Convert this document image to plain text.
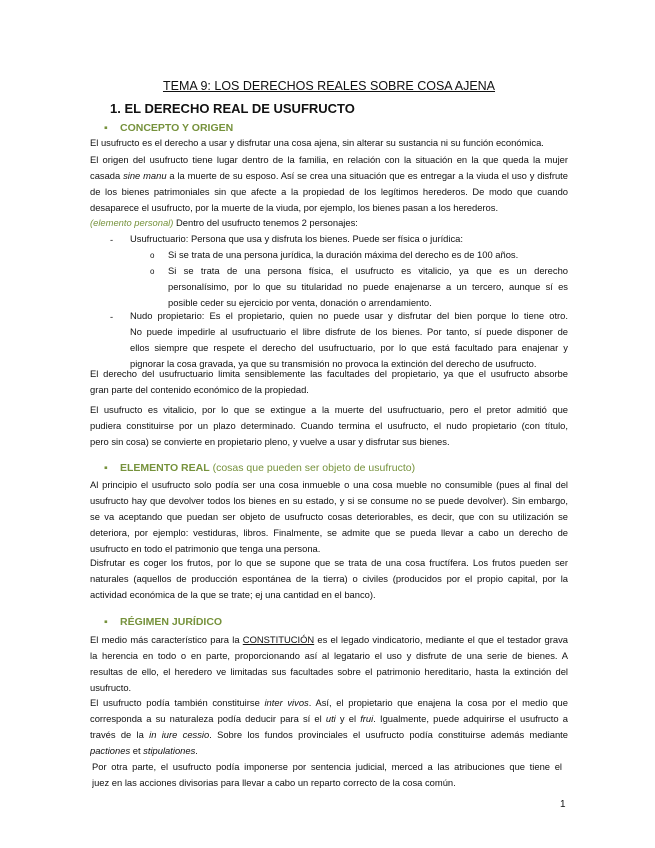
TEMA 9: LOS DERECHOS REALES SOBRE COSA AJENA
1. EL DERECHO REAL DE USUFRUCTO
▪ CONCEPTO Y ORIGEN
El usufructo es el derecho a usar y disfrutar una cosa ajena, sin alterar su sustancia ni su función económica.
El origen del usufructo tiene lugar dentro de la familia, en relación con la situación en la que queda la mujer
casada sine manu a la muerte de su esposo. Así se crea una situación que es entregar a la viuda el uso y disfrute
de los bienes patrimoniales sin que afecte a la propiedad de los legítimos herederos. De modo que cuando
desaparece el usufructo, por la muerte de la viuda, por ejemplo, los bienes pasan a los herederos.
(elemento personal) Dentro del usufructo tenemos 2 personajes:
- Usufructuario: Persona que usa y disfruta los bienes. Puede ser física o jurídica:
o Si se trata de una persona jurídica, la duración máxima del derecho es de 100 años.
o Si se trata de una persona física, el usufructo es vitalicio, ya que es un derecho
personalísimo, por lo que su titularidad no puede enajenarse a un tercero, aunque sí es
posible ceder su ejercicio por venta, donación o arrendamiento.
- Nudo propietario: Es el propietario, quien no puede usar y disfrutar del bien porque lo tiene otro.
No puede impedirle al usufructuario el libre disfrute de los bienes. Por tanto, sí puede disponer de
ellos siempre que respete el derecho del usufructuario, por lo que está facultado para enajenar y
pignorar la cosa gravada, ya que su transmisión no provoca la extinción del derecho de usufructo.
El derecho del usufructuario limita sensiblemente las facultades del propietario, ya que el usufructo absorbe
gran parte del contenido económico de la propiedad.
El usufructo es vitalicio, por lo que se extingue a la muerte del usufructuario, pero el pretor admitió que
pudiera constituirse por un plazo determinado. Cuando termina el usufructo, el nudo propietario (con título,
pero sin cosa) se convierte en propietario pleno, y vuelve a usar y disfrutar sus bienes.
▪ ELEMENTO REAL (cosas que pueden ser objeto de usufructo)
Al principio el usufructo solo podía ser una cosa inmueble o una cosa mueble no consumible (pues al final del
usufructo hay que devolver todos los bienes en su estado, y si se consume no se puede devolver). Sin embargo,
se va aceptando que puedan ser objeto de usufructo cosas deteriorables, es decir, que con su utilización se
deteriora, por ejemplo: vestiduras, libros. Finalmente, se admite que se pueda llevar a cabo un derecho de
usufructo en todo el patrimonio que tenga una persona.
Disfrutar es coger los frutos, por lo que se supone que se trata de una cosa fructífera. Los frutos pueden ser
naturales (aquellos de producción espontánea de la tierra) o civiles (producidos por el propio capital, por la
actividad económica de la que se trate; ej una cantidad en el banco).
▪ RÉGIMEN JURÍDICO
El medio más característico para la CONSTITUCIÓN es el legado vindicatorio, mediante el que el testador grava
la herencia en todo o en parte, proporcionando así al legatario el uso y disfrute de una serie de bienes. A
resultas de ello, el heredero ve limitadas sus facultades sobre el patrimonio hereditario, hasta la extinción del
usufructo.
El usufructo podía también constituirse inter vivos. Así, el propietario que enajena la cosa por el medio que
corresponda a su naturaleza podía deducir para sí el uti y el frui. Igualmente, puede adquirirse el usufructo a
través de la in iure cessio. Sobre los fundos provinciales el usufructo podía constituirse además mediante
pactiones et stipulationes.
Por otra parte, el usufructo podía imponerse por sentencia judicial, merced a las atribuciones que tiene el
juez en las acciones divisorias para llevar a cabo un reparto correcto de la cosa común.
1
